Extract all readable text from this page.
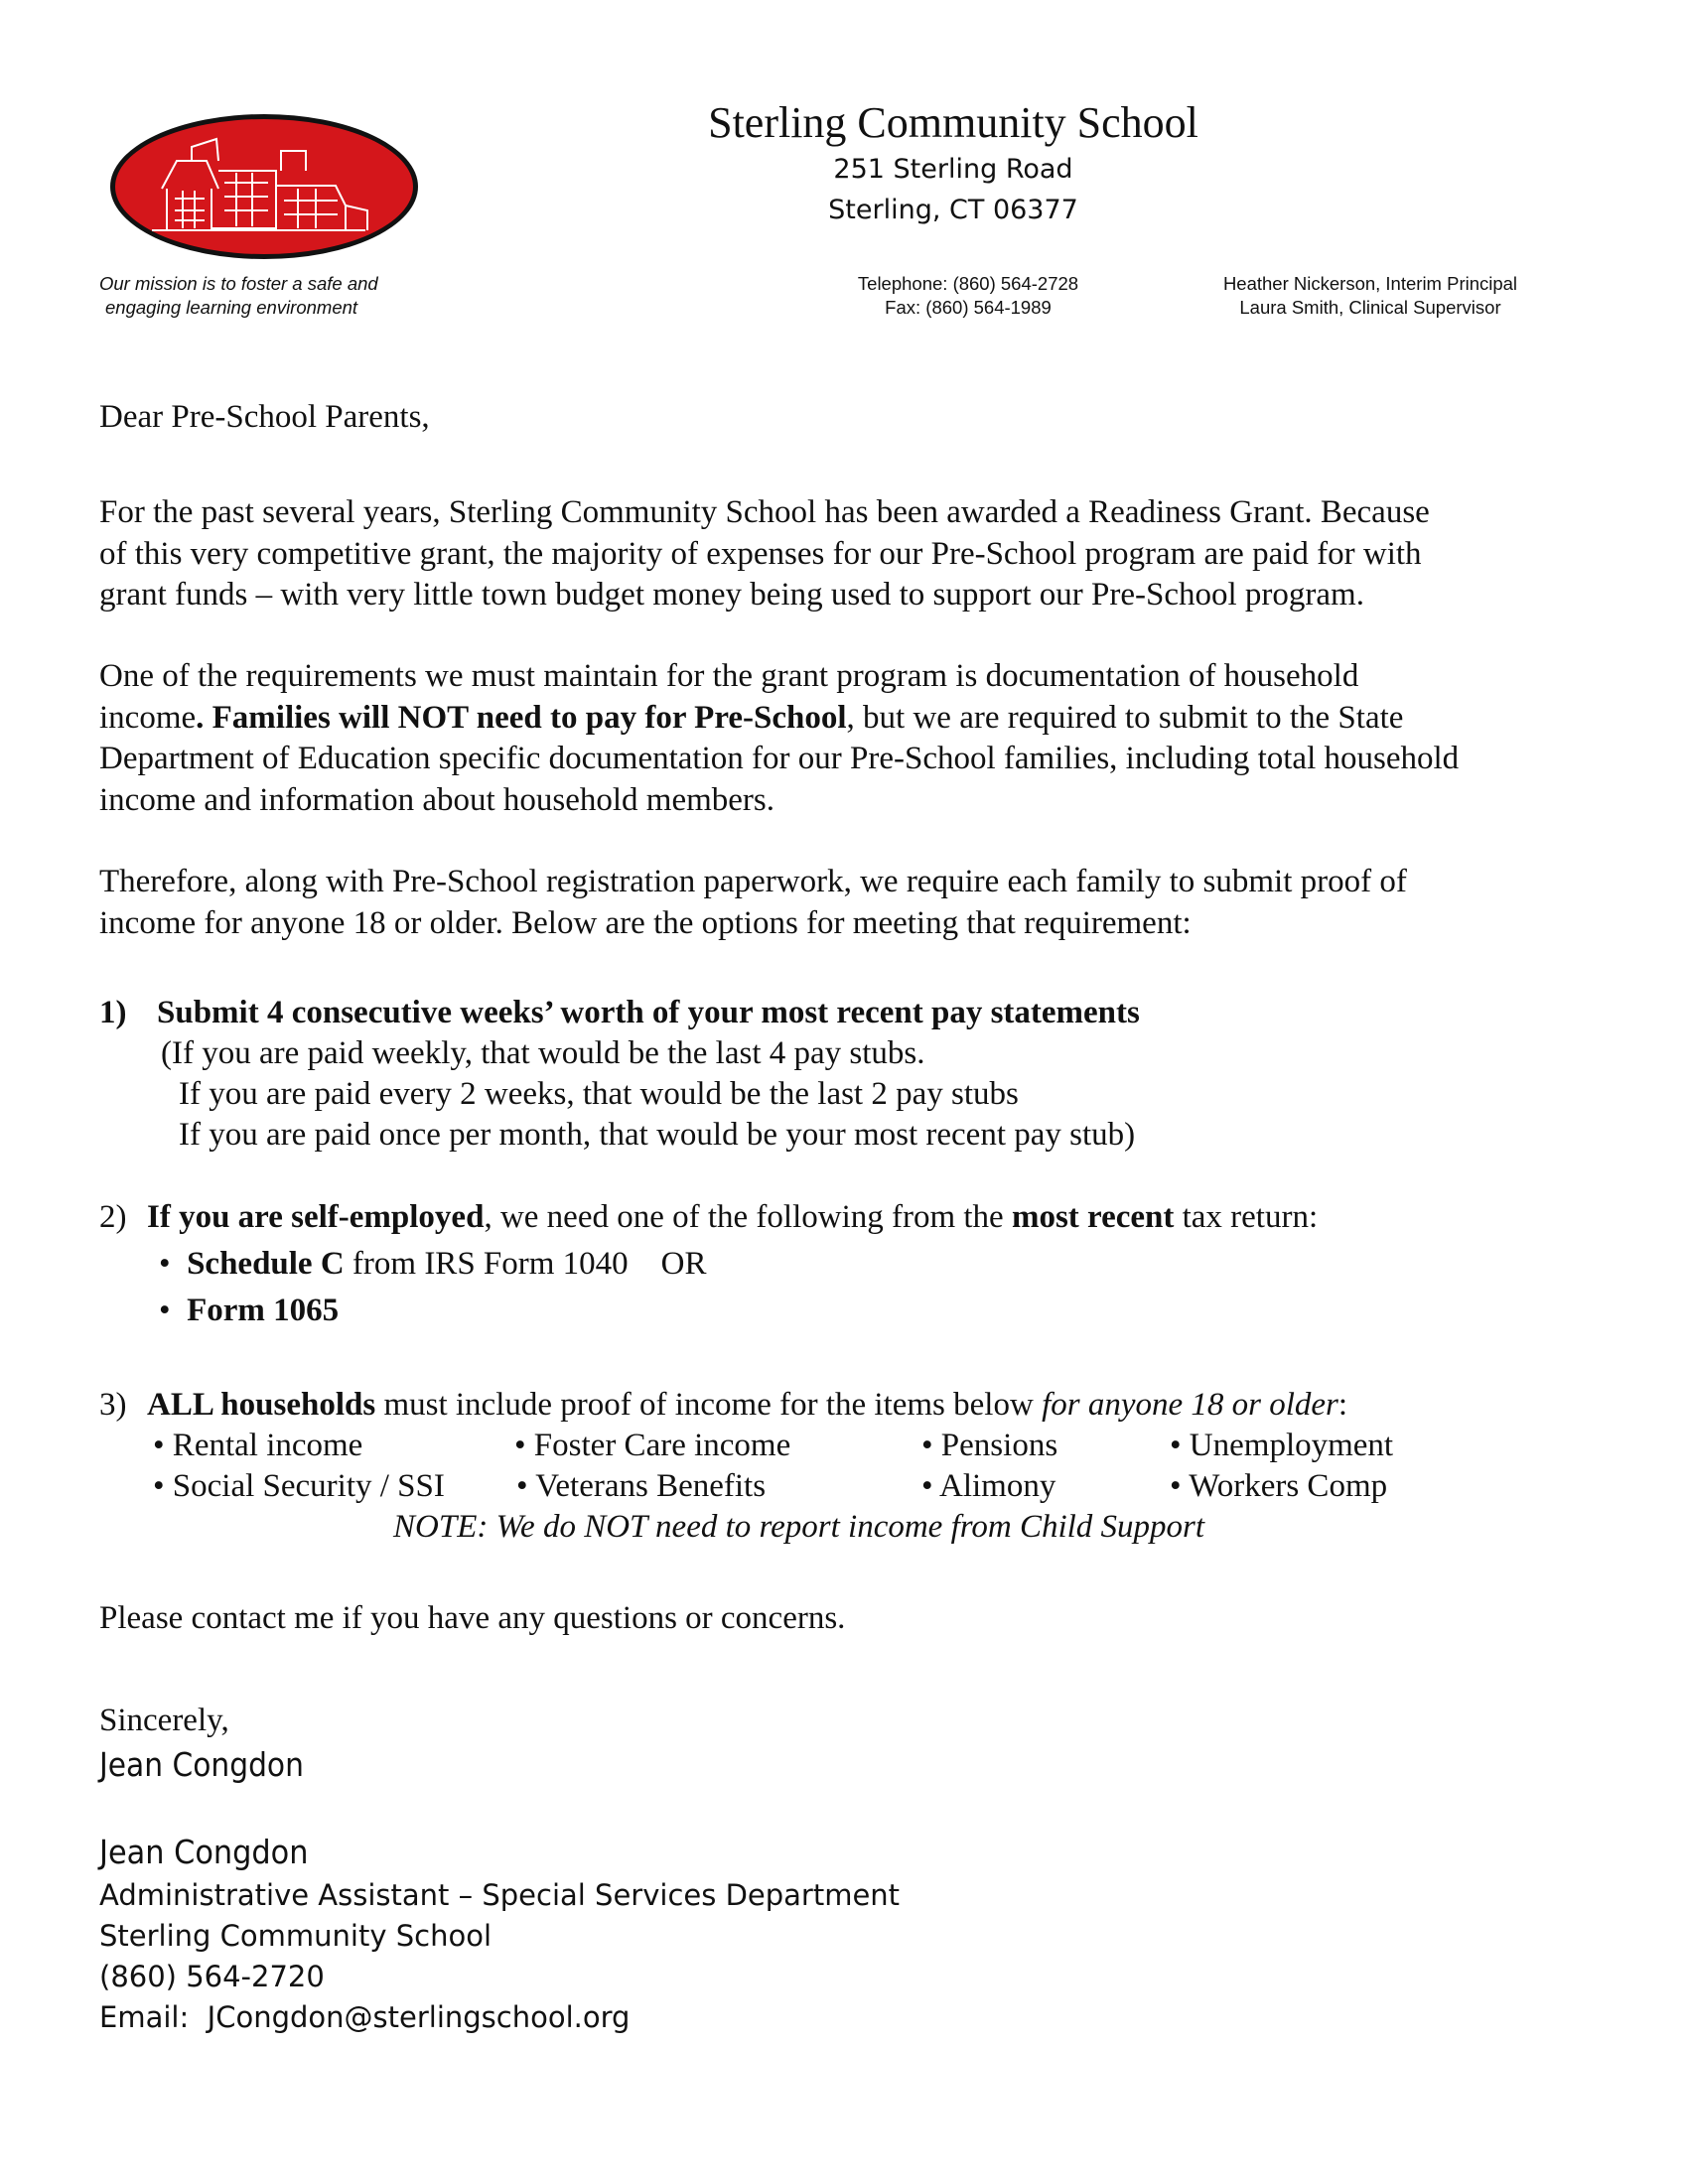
Our mission is to foster a safe and
engaging learning environment
Sterling Community School
251 Sterling Road
Sterling, CT 06377
Telephone: (860) 564-2728
Fax: (860) 564-1989
Heather Nickerson, Interim Principal
Laura Smith, Clinical Supervisor
Dear Pre-School Parents,
For the past several years, Sterling Community School has been awarded a Readiness Grant. Because
of this very competitive grant, the majority of expenses for our Pre-School program are paid for with
grant funds – with very little town budget money being used to support our Pre-School program.
One of the requirements we must maintain for the grant program is documentation of household
income. Families will NOT need to pay for Pre-School, but we are required to submit to the State
Department of Education specific documentation for our Pre-School families, including total household
income and information about household members.
Therefore, along with Pre-School registration paperwork, we require each family to submit proof of
income for anyone 18 or older. Below are the options for meeting that requirement:
1) Submit 4 consecutive weeks’ worth of your most recent pay statements
(If you are paid weekly, that would be the last 4 pay stubs.
If you are paid every 2 weeks, that would be the last 2 pay stubs
If you are paid once per month, that would be your most recent pay stub)
2) If you are self-employed, we need one of the following from the most recent tax return:
• Schedule C from IRS Form 1040    OR
• Form 1065
3) ALL households must include proof of income for the items below for anyone 18 or older:
• Rental income	• Foster Care income	• Pensions	• Unemployment
• Social Security / SSI • Veterans Benefits	• Alimony	• Workers Comp
NOTE: We do NOT need to report income from Child Support
Please contact me if you have any questions or concerns.
Sincerely,
Jean Congdon
Jean Congdon
Administrative Assistant – Special Services Department
Sterling Community School
(860) 564-2720
Email:  JCongdon@sterlingschool.org
